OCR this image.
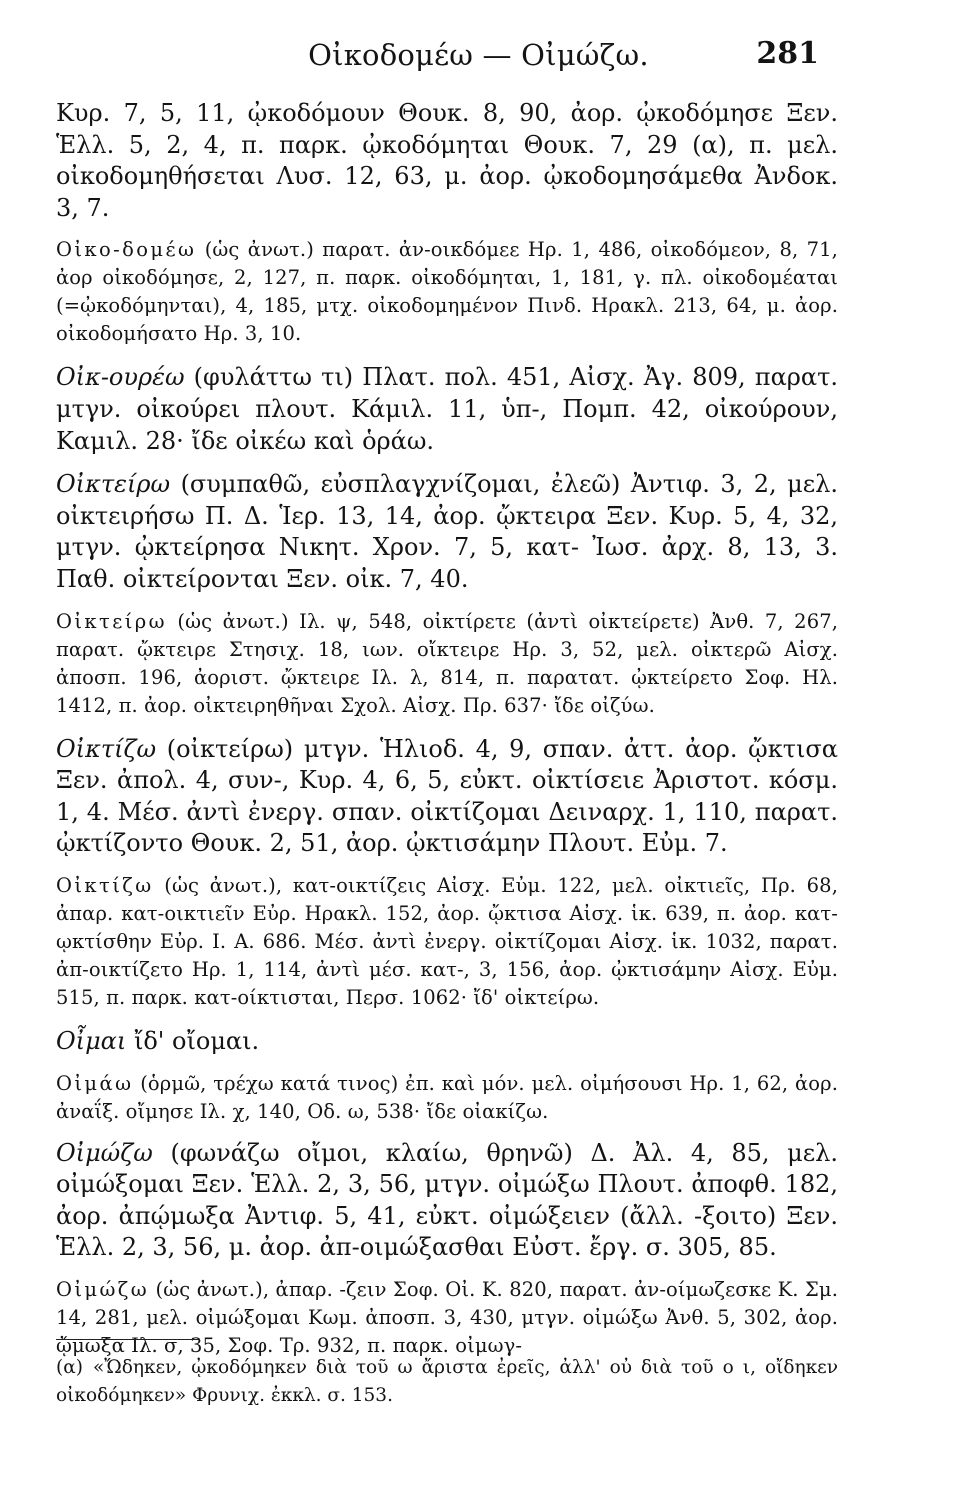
Οἰκοδομέω — Οἰμώζω.	281

Κυρ. 7, 5, 11, ᾠκοδόμουν Θουκ. 8, 90, ἀορ. ᾠκοδόμησε Ξεν. Ἑλλ. 5, 2, 4, π. παρκ. ᾠκοδόμηται Θουκ. 7, 29 (α), π. μελ. οἰκοδομηθήσεται Λυσ. 12, 63, μ. ἀορ. ᾠκοδομησάμεθα Ἀνδοκ. 3, 7.

Οἰκο-δομέω (ὡς ἀνωτ.) παρατ. ἀν-οικδόμεε Ηρ. 1, 486, οἰκοδόμεον, 8, 71, ἀορ οἰκοδόμησε, 2, 127, π. παρκ. οἰκοδόμηται, 1, 181, γ. πλ. οἰκοδομέαται (=ᾠκοδόμηνται), 4, 185, μτχ. οἰκοδομημένον Πινδ. Ηρακλ. 213, 64, μ. ἀορ. οἰκοδομήσατο Ηρ. 3, 10.

Οἰκ-ουρέω (φυλάττω τι) Πλατ. πολ. 451, Αἰσχ. Ἀγ. 809, παρατ. μτγν. οἰκούρει πλουτ. Κάμιλ. 11, ὑπ-, Πομπ. 42, οἰκούρουν, Καμιλ. 28· ἴδε οἰκέω καὶ ὁράω.

Οἰκτείρω (συμπαθῶ, εὐσπλαγχνίζομαι, ἐλεῶ) Ἀντιφ. 3, 2, μελ. οἰκτειρήσω Π. Δ. Ἱερ. 13, 14, ἀορ. ᾤκτειρα Ξεν. Κυρ. 5, 4, 32, μτγν. ᾠκτείρησα Νικητ. Χρον. 7, 5, κατ- Ἰωσ. ἀρχ. 8, 13, 3. Παθ. οἰκτείρονται Ξεν. οἰκ. 7, 40.

Οἰκτείρω (ὡς ἀνωτ.) Ιλ. ψ, 548, οἰκτίρετε (ἀντὶ οἰκτείρετε) Ἀνθ. 7, 267, παρατ. ᾤκτειρε Στησιχ. 18, ιων. οἴκτειρε Ηρ. 3, 52, μελ. οἰκτερῶ Αἰσχ. ἀποσπ. 196, ἀοριστ. ᾤκτειρε Ιλ. λ, 814, π. παρατατ. ᾠκτείρετο Σοφ. Ηλ. 1412, π. ἀορ. οἰκτειρηθῆναι Σχολ. Αἰσχ. Πρ. 637· ἴδε οἰζύω.

Οἰκτίζω (οἰκτείρω) μτγν. Ἡλιοδ. 4, 9, σπαν. ἀττ. ἀορ. ᾤκτισα Ξεν. ἀπολ. 4, συν-, Κυρ. 4, 6, 5, εὐκτ. οἰκτίσειε Ἀριστοτ. κόσμ. 1, 4. Μέσ. ἀντὶ ἐνεργ. σπαν. οἰκτίζομαι Δειναρχ. 1, 110, παρατ. ᾠκτίζοντο Θουκ. 2, 51, ἀορ. ᾠκτισάμην Πλουτ. Εὐμ. 7.

Οἰκτίζω (ὡς ἀνωτ.), κατ-οικτίζεις Αἰσχ. Εὐμ. 122, μελ. οἰκτιεῖς, Πρ. 68, ἀπαρ. κατ-οικτιεῖν Εὐρ. Ηρακλ. 152, ἀορ. ᾤκτισα Αἰσχ. ἱκ. 639, π. ἀορ. κατ-ῳκτίσθην Εὐρ. Ι. Α. 686. Μέσ. ἀντὶ ἐνεργ. οἰκτίζομαι Αἰσχ. ἱκ. 1032, παρατ. ἀπ-οικτίζετο Ηρ. 1, 114, ἀντὶ μέσ. κατ-, 3, 156, ἀορ. ᾠκτισάμην Αἰσχ. Εὐμ. 515, π. παρκ. κατ-οίκτισται, Περσ. 1062· ἴδ' οἰκτείρω.

Οἶμαι ἴδ' οἴομαι.

Οἰμάω (ὁρμῶ, τρέχω κατά τινος) ἐπ. καὶ μόν. μελ. οἰμήσουσι Ηρ. 1, 62, ἀορ. ἀναΐξ. οἴμησε Ιλ. χ, 140, Οδ. ω, 538· ἴδε οἰακίζω.

Οἰμώζω (φωνάζω οἴμοι, κλαίω, θρηνῶ) Δ. Ἀλ. 4, 85, μελ. οἰμώξομαι Ξεν. Ἑλλ. 2, 3, 56, μτγν. οἰμώξω Πλουτ. ἀποφθ. 182, ἀορ. ἀπῴμωξα Ἀντιφ. 5, 41, εὐκτ. οἰμώξειεν (ἄλλ. -ξοιτο) Ξεν. Ἑλλ. 2, 3, 56, μ. ἀορ. ἀπ-οιμώξασθαι Εὐστ. ἔργ. σ. 305, 85.

Οἰμώζω (ὡς ἀνωτ.), ἀπαρ. -ζειν Σοφ. Οἰ. Κ. 820, παρατ. ἀν-οίμωζεσκε Κ. Σμ. 14, 281, μελ. οἰμώξομαι Κωμ. ἀποσπ. 3, 430, μτγν. οἰμώξω Ἀνθ. 5, 302, ἀορ. ᾤμωξα Ιλ. σ, 35, Σοφ. Τρ. 932, π. παρκ. οἰμωγ-

(α) «Ὤδηκεν, ᾠκοδόμηκεν διὰ τοῦ ω ἄριστα ἐρεῖς, ἀλλ' οὐ διὰ τοῦ ο ι, οἴδηκεν οἰκοδόμηκεν» Φρυνιχ. ἐκκλ. σ. 153.
